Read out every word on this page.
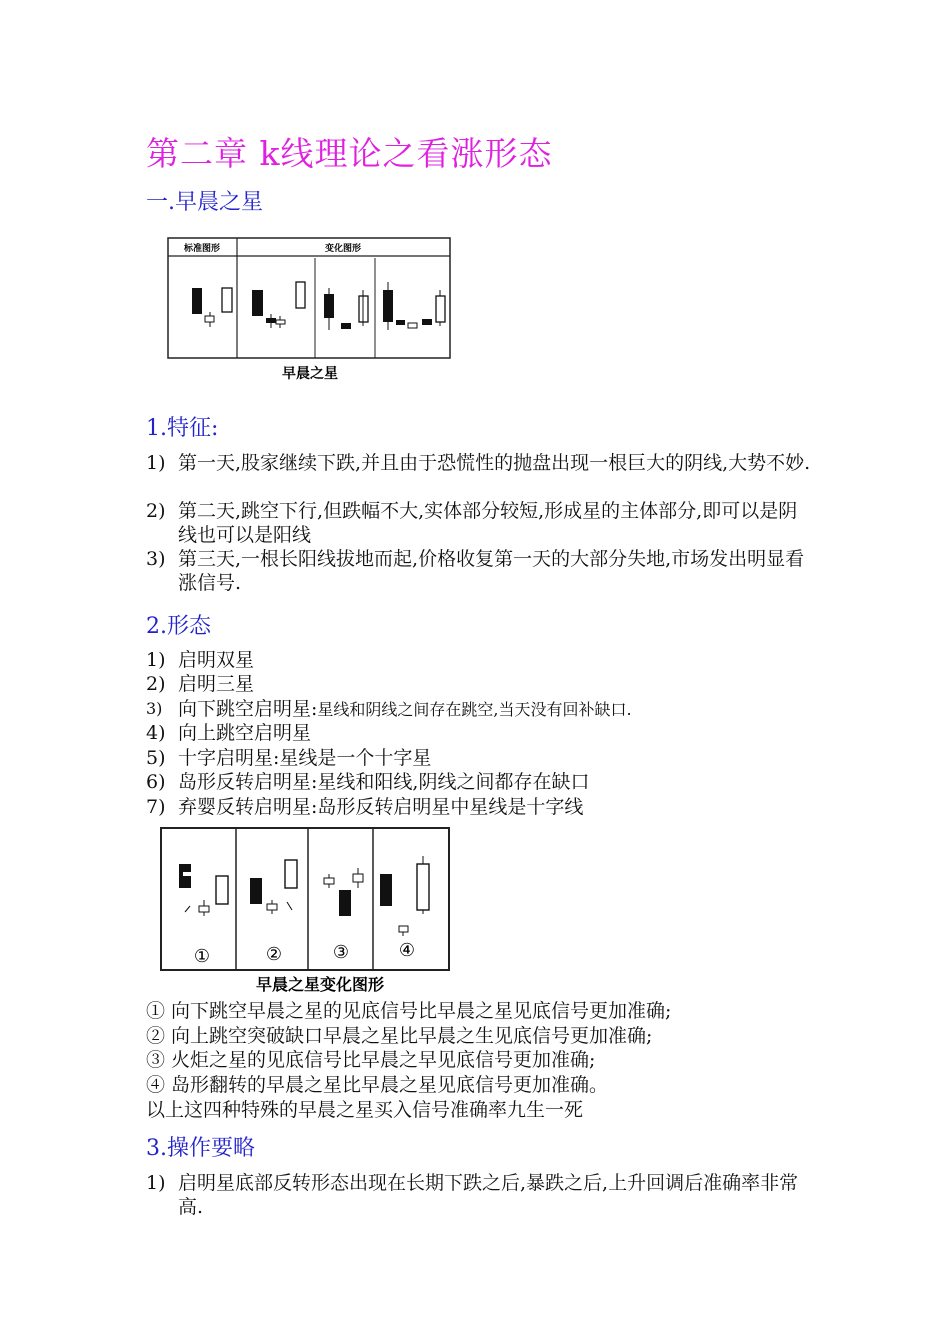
第二章 k线理论之看涨形态
一.早晨之星
标准图形	变化图形
早晨之星
1.特征:
1) 第一天,股家继续下跌,并且由于恐慌性的抛盘出现一根巨大的阴线,大势不妙.
2) 第二天,跳空下行,但跌幅不大,实体部分较短,形成星的主体部分,即可以是阴线也可以是阳线
3) 第三天,一根长阳线拔地而起,价格收复第一天的大部分失地,市场发出明显看涨信号.
2.形态
1) 启明双星
2) 启明三星
3) 向下跳空启明星:星线和阴线之间存在跳空,当天没有回补缺口.
4) 向上跳空启明星
5) 十字启明星:星线是一个十字星
6) 岛形反转启明星:星线和阳线,阴线之间都存在缺口
7) 弃婴反转启明星:岛形反转启明星中星线是十字线
①	②	③	④
早晨之星变化图形
① 向下跳空早晨之星的见底信号比早晨之星见底信号更加准确;
② 向上跳空突破缺口早晨之星比早晨之生见底信号更加准确;
③ 火炬之星的见底信号比早晨之早见底信号更加准确;
④ 岛形翻转的早晨之星比早晨之星见底信号更加准确。
以上这四种特殊的早晨之星买入信号准确率九生一死
3.操作要略
1) 启明星底部反转形态出现在长期下跌之后,暴跌之后,上升回调后准确率非常高.
